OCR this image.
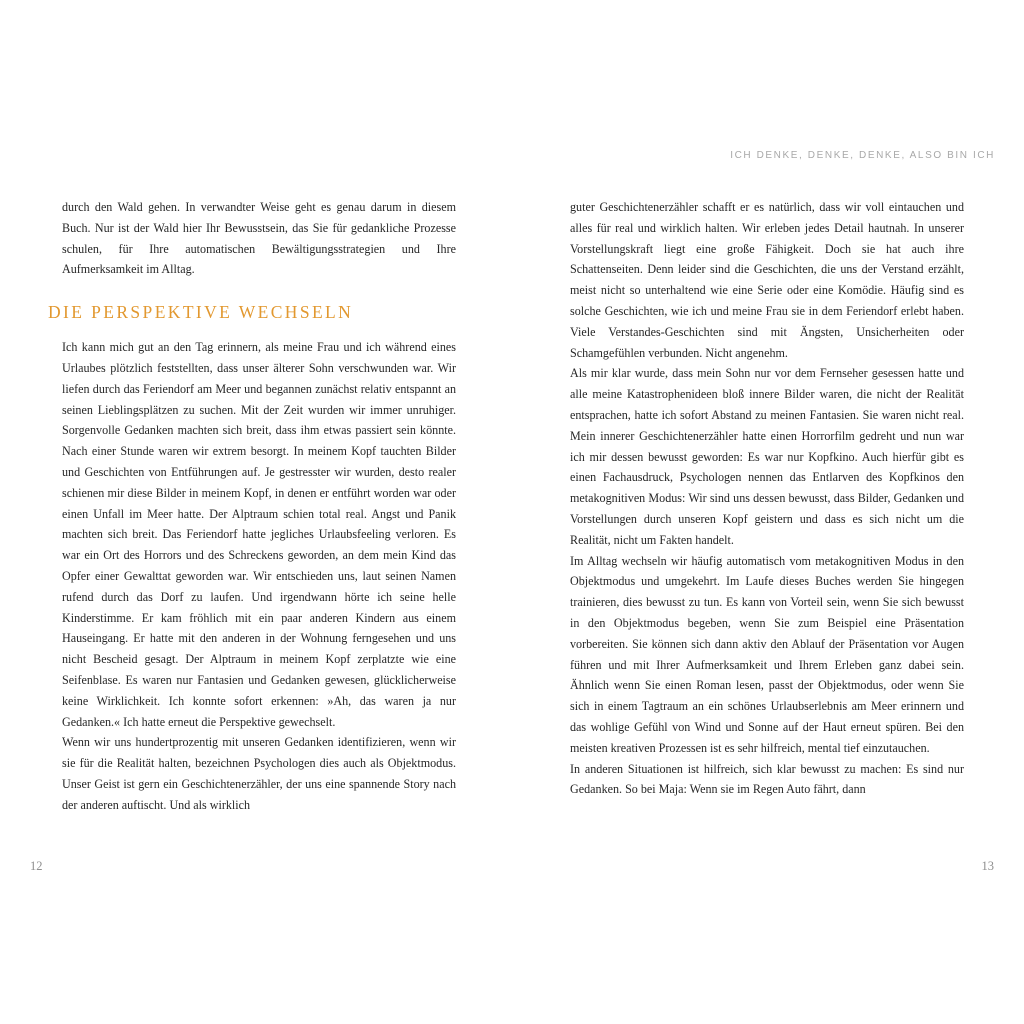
ICH DENKE, DENKE, DENKE, ALSO BIN ICH

durch den Wald gehen. In verwandter Weise geht es genau darum in diesem Buch. Nur ist der Wald hier Ihr Bewusstsein, das Sie für gedankliche Prozesse schulen, für Ihre automatischen Bewältigungsstrategien und Ihre Aufmerksamkeit im Alltag.

DIE PERSPEKTIVE WECHSELN

Ich kann mich gut an den Tag erinnern, als meine Frau und ich während eines Urlaubes plötzlich feststellten, dass unser älterer Sohn verschwunden war. Wir liefen durch das Feriendorf am Meer und begannen zunächst relativ entspannt an seinen Lieblingsplätzen zu suchen. Mit der Zeit wurden wir immer unruhiger. Sorgenvolle Gedanken machten sich breit, dass ihm etwas passiert sein könnte. Nach einer Stunde waren wir extrem besorgt. In meinem Kopf tauchten Bilder und Geschichten von Entführungen auf. Je gestresster wir wurden, desto realer schienen mir diese Bilder in meinem Kopf, in denen er entführt worden war oder einen Unfall im Meer hatte. Der Alptraum schien total real. Angst und Panik machten sich breit. Das Feriendorf hatte jegliches Urlaubsfeeling verloren. Es war ein Ort des Horrors und des Schreckens geworden, an dem mein Kind das Opfer einer Gewalttat geworden war. Wir entschieden uns, laut seinen Namen rufend durch das Dorf zu laufen. Und irgendwann hörte ich seine helle Kinderstimme. Er kam fröhlich mit ein paar anderen Kindern aus einem Hauseingang. Er hatte mit den anderen in der Wohnung ferngesehen und uns nicht Bescheid gesagt. Der Alptraum in meinem Kopf zerplatzte wie eine Seifenblase. Es waren nur Fantasien und Gedanken gewesen, glücklicherweise keine Wirklichkeit. Ich konnte sofort erkennen: »Ah, das waren ja nur Gedanken.« Ich hatte erneut die Perspektive gewechselt.

Wenn wir uns hundertprozentig mit unseren Gedanken identifizieren, wenn wir sie für die Realität halten, bezeichnen Psychologen dies auch als Objektmodus. Unser Geist ist gern ein Geschichtenerzähler, der uns eine spannende Story nach der anderen auftischt. Und als wirklich

guter Geschichtenerzähler schafft er es natürlich, dass wir voll eintauchen und alles für real und wirklich halten. Wir erleben jedes Detail hautnah. In unserer Vorstellungskraft liegt eine große Fähigkeit. Doch sie hat auch ihre Schattenseiten. Denn leider sind die Geschichten, die uns der Verstand erzählt, meist nicht so unterhaltend wie eine Serie oder eine Komödie. Häufig sind es solche Geschichten, wie ich und meine Frau sie in dem Feriendorf erlebt haben. Viele Verstandes-Geschichten sind mit Ängsten, Unsicherheiten oder Schamgefühlen verbunden. Nicht angenehm.

Als mir klar wurde, dass mein Sohn nur vor dem Fernseher gesessen hatte und alle meine Katastrophenideen bloß innere Bilder waren, die nicht der Realität entsprachen, hatte ich sofort Abstand zu meinen Fantasien. Sie waren nicht real. Mein innerer Geschichtenerzähler hatte einen Horrorfilm gedreht und nun war ich mir dessen bewusst geworden: Es war nur Kopfkino. Auch hierfür gibt es einen Fachausdruck, Psychologen nennen das Entlarven des Kopfkinos den metakognitiven Modus: Wir sind uns dessen bewusst, dass Bilder, Gedanken und Vorstellungen durch unseren Kopf geistern und dass es sich nicht um die Realität, nicht um Fakten handelt.

Im Alltag wechseln wir häufig automatisch vom metakognitiven Modus in den Objektmodus und umgekehrt. Im Laufe dieses Buches werden Sie hingegen trainieren, dies bewusst zu tun. Es kann von Vorteil sein, wenn Sie sich bewusst in den Objektmodus begeben, wenn Sie zum Beispiel eine Präsentation vorbereiten. Sie können sich dann aktiv den Ablauf der Präsentation vor Augen führen und mit Ihrer Aufmerksamkeit und Ihrem Erleben ganz dabei sein. Ähnlich wenn Sie einen Roman lesen, passt der Objektmodus, oder wenn Sie sich in einem Tagtraum an ein schönes Urlaubserlebnis am Meer erinnern und das wohlige Gefühl von Wind und Sonne auf der Haut erneut spüren. Bei den meisten kreativen Prozessen ist es sehr hilfreich, mental tief einzutauchen.

In anderen Situationen ist hilfreich, sich klar bewusst zu machen: Es sind nur Gedanken. So bei Maja: Wenn sie im Regen Auto fährt, dann

12	13
